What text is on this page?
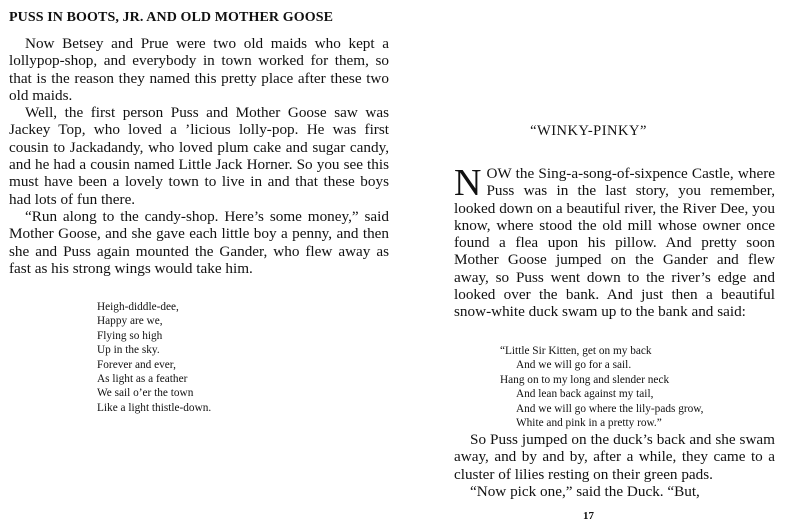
PUSS IN BOOTS, JR. AND OLD MOTHER GOOSE

Now Betsey and Prue were two old maids who kept a lollypop-shop, and everybody in town worked for them, so that is the reason they named this pretty place after these two old maids.

Well, the first person Puss and Mother Goose saw was Jackey Top, who loved a ’licious lolly-pop. He was first cousin to Jackadandy, who loved plum cake and sugar candy, and he had a cousin named Little Jack Horner. So you see this must have been a lovely town to live in and that these boys had lots of fun there.

“Run along to the candy-shop. Here’s some money,” said Mother Goose, and she gave each little boy a penny, and then she and Puss again mounted the Gander, who flew away as fast as his strong wings would take him.

Heigh-diddle-dee,
Happy are we,
Flying so high
Up in the sky.
Forever and ever,
As light as a feather
We sail o’er the town
Like a light thistle-down.
“WINKY-PINKY”

NOW the Sing-a-song-of-sixpence Castle, where Puss was in the last story, you remember, looked down on a beautiful river, the River Dee, you know, where stood the old mill whose owner once found a flea upon his pillow. And pretty soon Mother Goose jumped on the Gander and flew away, so Puss went down to the river’s edge and looked over the bank. And just then a beautiful snow-white duck swam up to the bank and said:

“Little Sir Kitten, get on my back
And we will go for a sail.
Hang on to my long and slender neck
And lean back against my tail,
And we will go where the lily-pads grow,
White and pink in a pretty row.”

So Puss jumped on the duck’s back and she swam away, and by and by, after a while, they came to a cluster of lilies resting on their green pads.

“Now pick one,” said the Duck. “But,

17
